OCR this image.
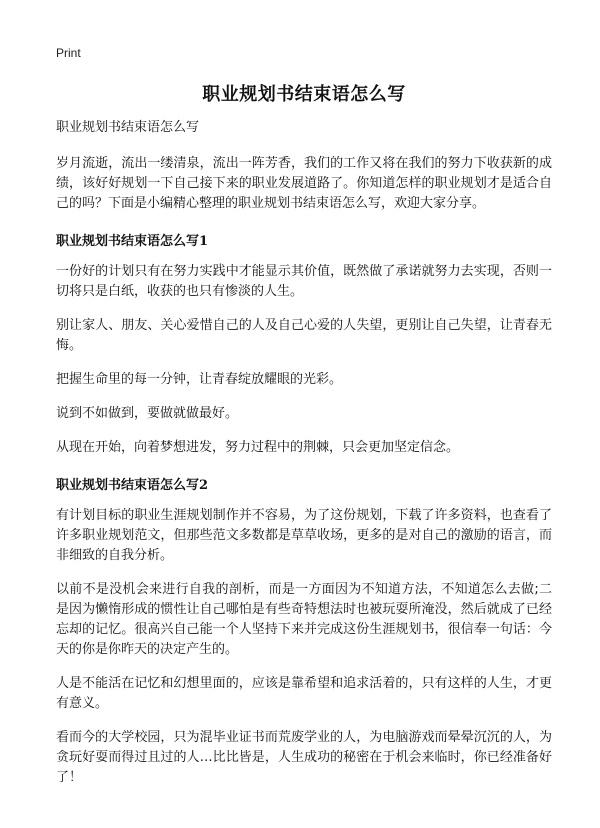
Print
职业规划书结束语怎么写

职业规划书结束语怎么写

岁月流逝，流出一缕清泉，流出一阵芳香，我们的工作又将在我们的努力下收获新的成绩，该好好规划一下自己接下来的职业发展道路了。你知道怎样的职业规划才是适合自己的吗？下面是小编精心整理的职业规划书结束语怎么写，欢迎大家分享。

职业规划书结束语怎么写1

一份好的计划只有在努力实践中才能显示其价值，既然做了承诺就努力去实现，否则一切将只是白纸，收获的也只有惨淡的人生。

别让家人、朋友、关心爱惜自己的人及自己心爱的人失望，更别让自己失望，让青春无悔。

把握生命里的每一分钟，让青春绽放耀眼的光彩。

说到不如做到，要做就做最好。

从现在开始，向着梦想进发，努力过程中的荆棘，只会更加坚定信念。

职业规划书结束语怎么写2

有计划目标的职业生涯规划制作并不容易，为了这份规划，下载了许多资料，也查看了许多职业规划范文，但那些范文多数都是草草收场，更多的是对自己的激励的语言，而非细致的自我分析。

以前不是没机会来进行自我的剖析，而是一方面因为不知道方法，不知道怎么去做;二是因为懒惰形成的惯性让自己哪怕是有些奇特想法时也被玩耍所淹没，然后就成了已经忘却的记忆。很高兴自己能一个人坚持下来并完成这份生涯规划书，很信奉一句话：今天的你是你昨天的决定产生的。

人是不能活在记忆和幻想里面的，应该是靠希望和追求活着的，只有这样的人生，才更有意义。

看而今的大学校园，只为混毕业证书而荒废学业的人，为电脑游戏而晕晕沉沉的人，为贪玩好耍而得过且过的人…比比皆是，人生成功的秘密在于机会来临时，你已经准备好了！
